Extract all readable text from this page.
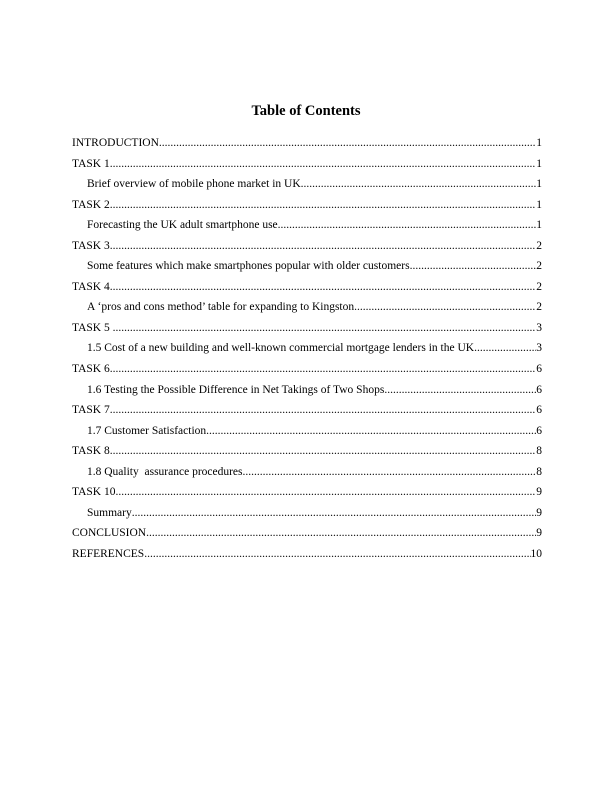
Table of Contents
INTRODUCTION .....	1
TASK 1 .....	1
Brief overview of mobile phone market in UK .....	1
TASK 2 .....	1
Forecasting the UK adult smartphone use .....	1
TASK 3 .....	2
Some features which make smartphones popular with older customers .....	2
TASK 4 .....	2
A ‘pros and cons method’ table for expanding to Kingston .....	2
TASK 5 .....	3
1.5 Cost of a new building and well-known commercial mortgage lenders in the UK .....	3
TASK 6 .....	6
1.6 Testing the Possible Difference in Net Takings of Two Shops .....	6
TASK 7 .....	6
1.7 Customer Satisfaction .....	6
TASK 8 .....	8
1.8 Quality  assurance procedures .....	8
TASK 10 .....	9
Summary .....	9
CONCLUSION .....	9
REFERENCES .....	10
